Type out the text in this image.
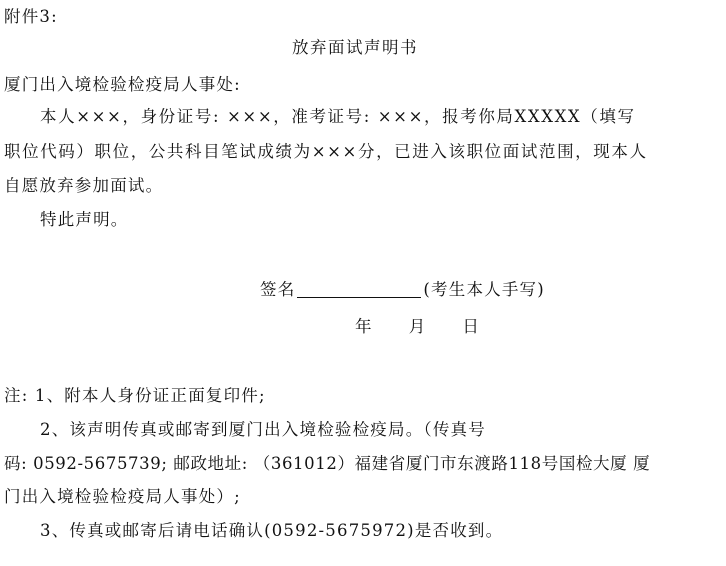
附件3:
放弃面试声明书
厦门出入境检验检疫局人事处:
本人×××，身份证号: ×××，准考证号: ×××，报考你局XXXXX（填写
职位代码）职位，公共科目笔试成绩为×××分，已进入该职位面试范围，现本人
自愿放弃参加面试。
特此声明。
签名	(考生本人手写)
年 月 日
注: 1、附本人身份证正面复印件;
2、该声明传真或邮寄到厦门出入境检验检疫局。（传真号
码: 0592-5675739; 邮政地址: （361012）福建省厦门市东渡路118号国检大厦 厦
门出入境检验检疫局人事处）;
3、传真或邮寄后请电话确认(0592-5675972)是否收到。
